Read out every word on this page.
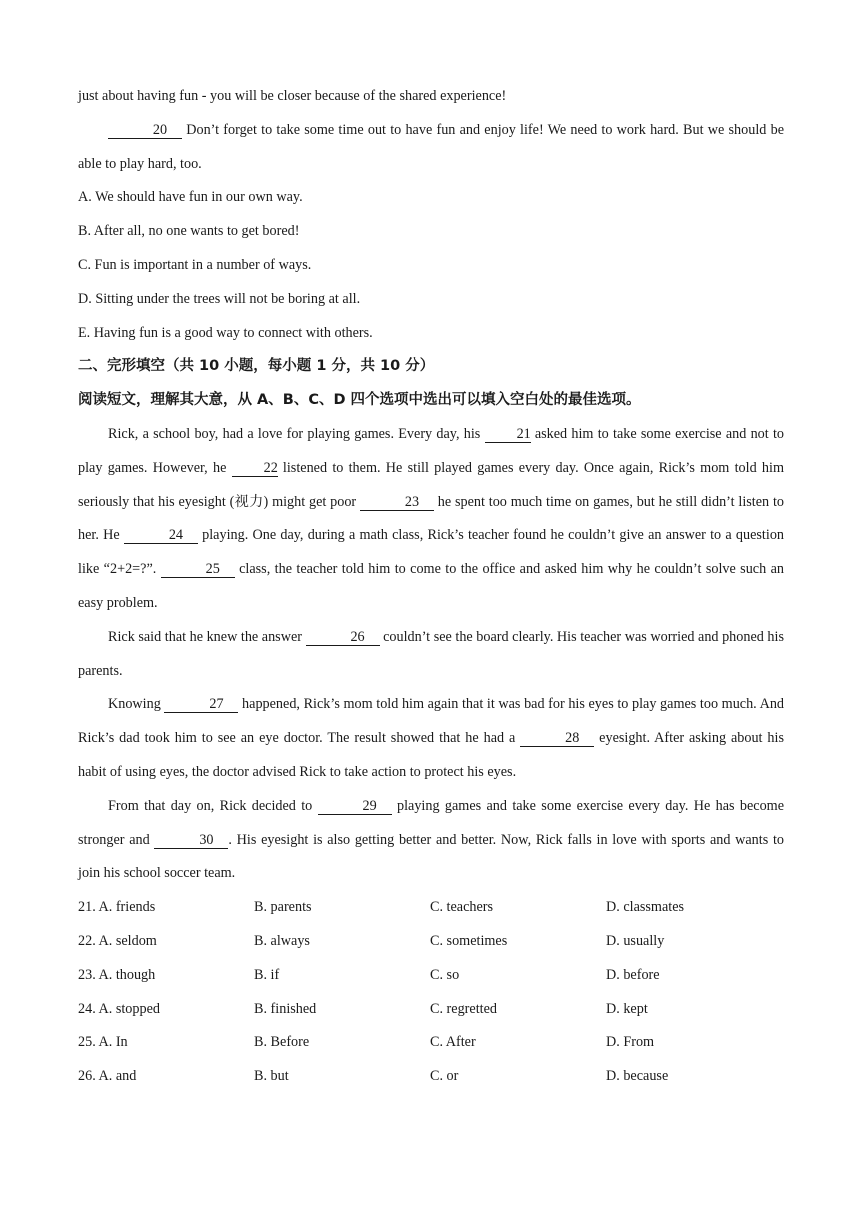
just about having fun - you will be closer because of the shared experience!

20 Don’t forget to take some time out to have fun and enjoy life! We need to work hard. But we should be able to play hard, too.

A. We should have fun in our own way.

B. After all, no one wants to get bored!

C. Fun is important in a number of ways.

D. Sitting under the trees will not be boring at all.

E. Having fun is a good way to connect with others.

二、完形填空（共 10 小题，每小题 1 分，共 10 分）
阅读短文，理解其大意，从 A、B、C、D 四个选项中选出可以填入空白处的最佳选项。

Rick, a school boy, had a love for playing games. Every day, his 21 asked him to take some exercise and not to play games. However, he 22 listened to them. He still played games every day. Once again, Rick’s mom told him seriously that his eyesight (视力) might get poor	23 he spent too much time on games, but he still didn’t listen to her. He	24 playing. One day, during a math class, Rick’s teacher found he couldn’t give an answer to a question like “2+2=?”.	25 class, the teacher told him to come to the office and asked him why he couldn’t solve such an easy problem.

Rick said that he knew the answer	26 couldn’t see the board clearly. His teacher was worried and phoned his parents.

Knowing	27 happened, Rick’s mom told him again that it was bad for his eyes to play games too much. And Rick’s dad took him to see an eye doctor. The result showed that he had a	28 eyesight. After asking about his habit of using eyes, the doctor advised Rick to take action to protect his eyes.

From that day on, Rick decided to	29 playing games and take some exercise every day. He has become stronger and	30 . His eyesight is also getting better and better. Now, Rick falls in love with sports and wants to join his school soccer team.

21. A. friends	B. parents	C. teachers	D. classmates
22. A. seldom	B. always	C. sometimes	D. usually
23. A. though	B. if	C. so	D. before
24. A. stopped	B. finished	C. regretted	D. kept
25. A. In	B. Before	C. After	D. From
26. A. and	B. but	C. or	D. because
